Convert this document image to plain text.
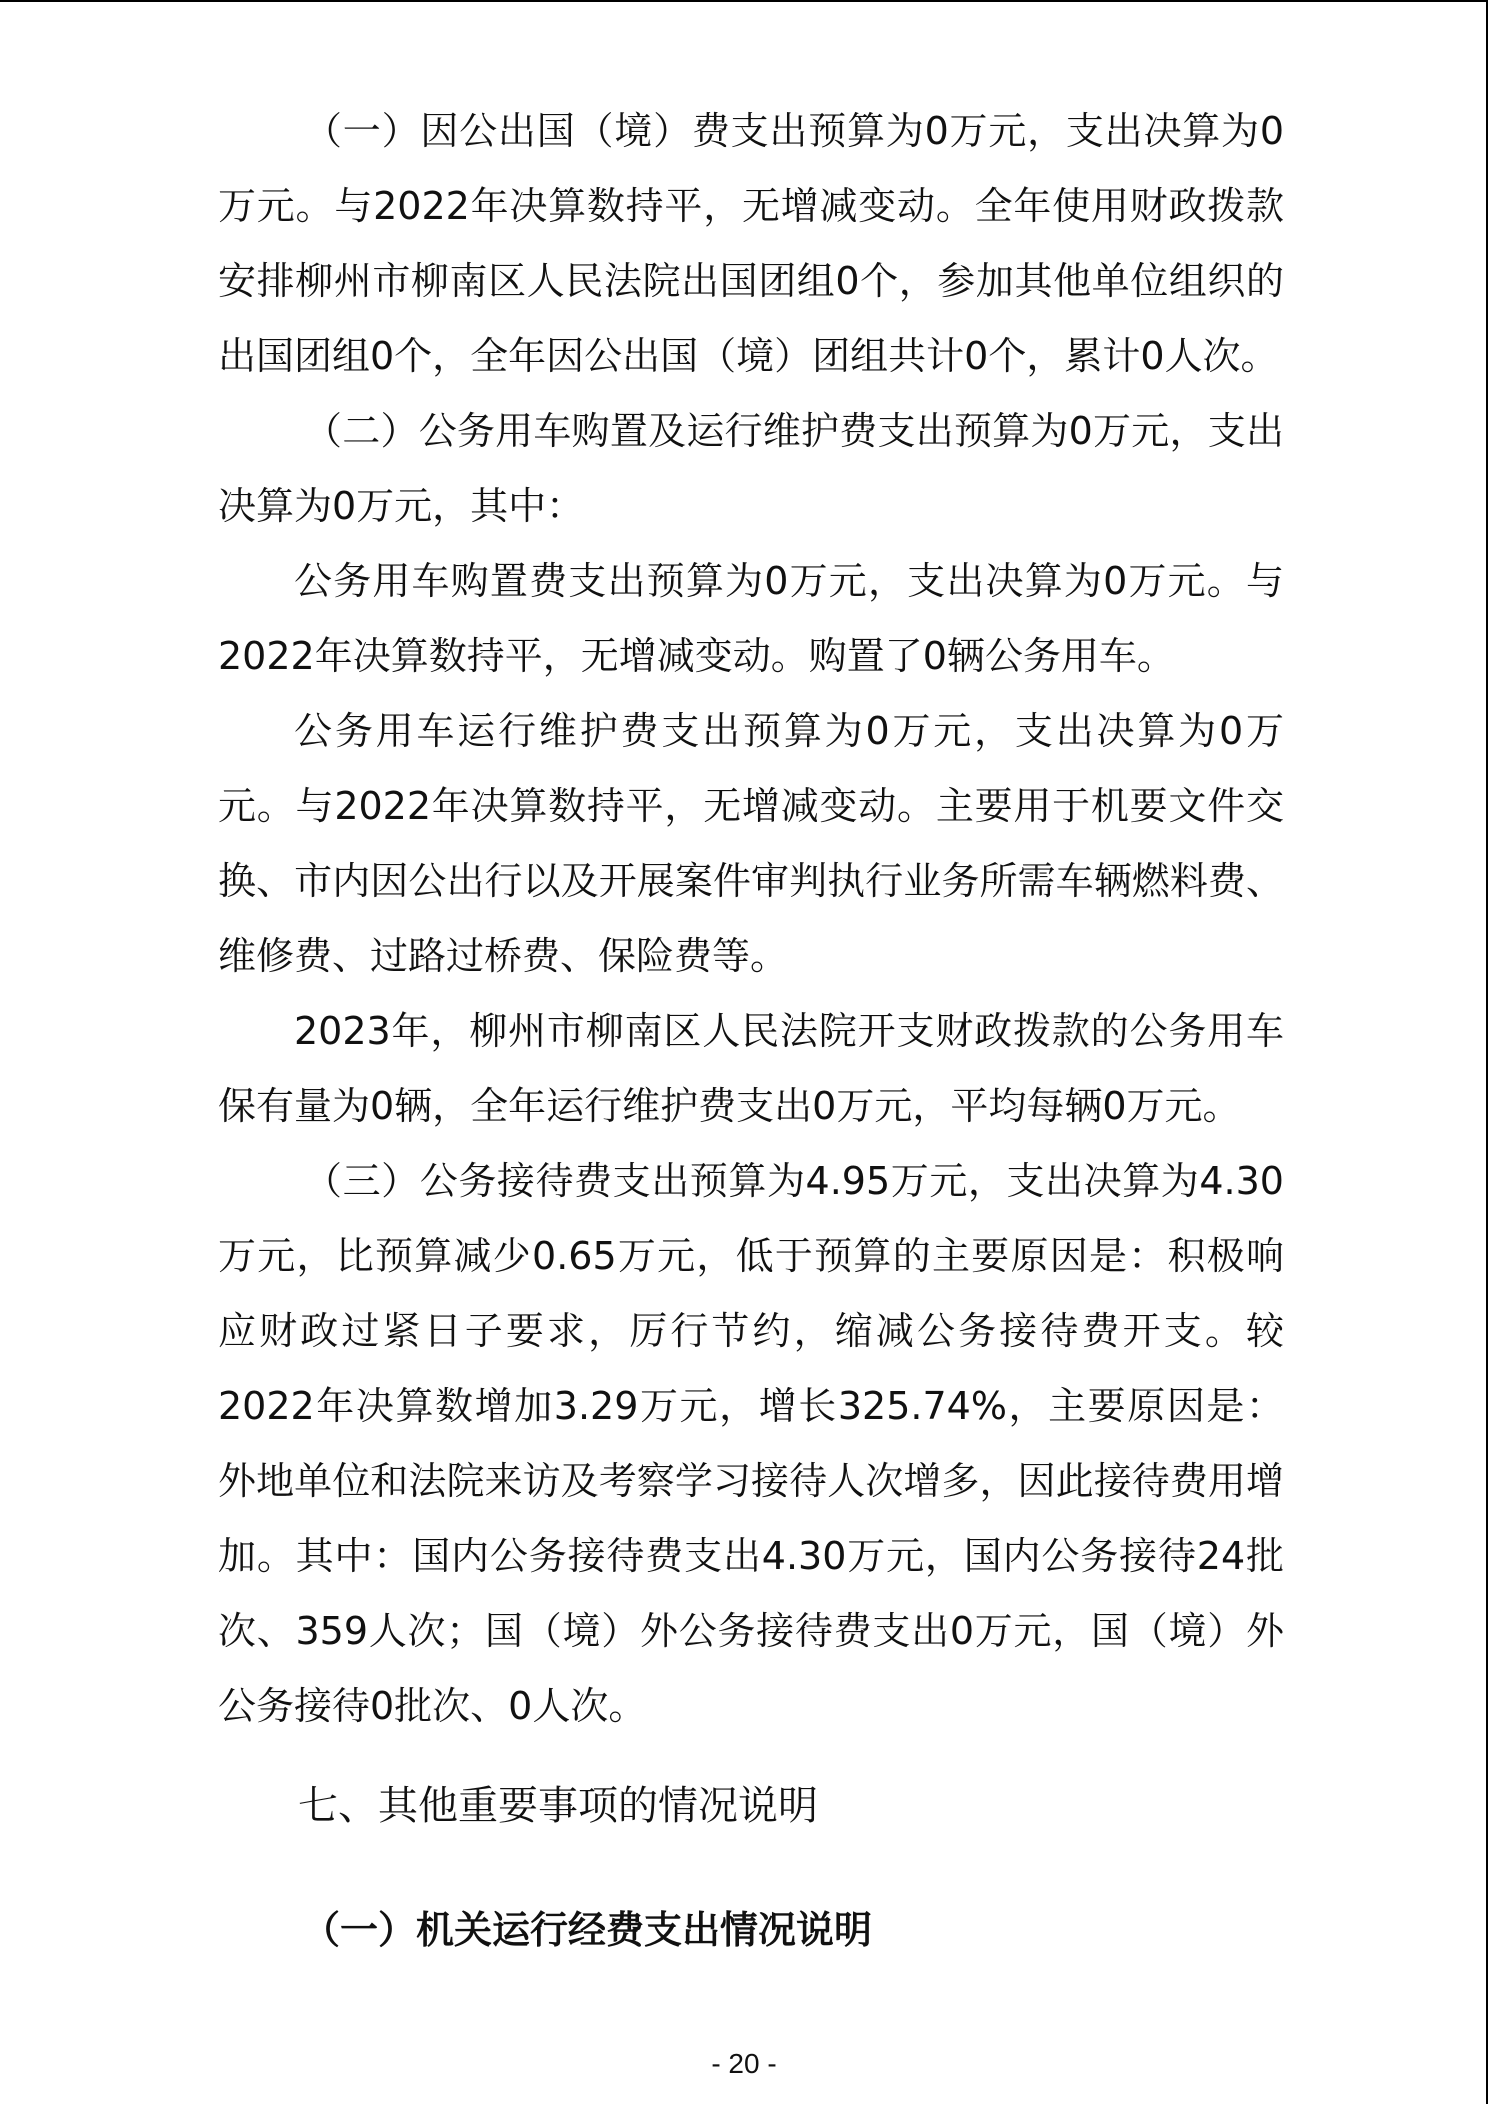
（一）因公出国（境）费支出预算为0万元，支出决算为0万元。与2022年决算数持平，无增减变动。全年使用财政拨款安排柳州市柳南区人民法院出国团组0个，参加其他单位组织的出国团组0个，全年因公出国（境）团组共计0个，累计0人次。

（二）公务用车购置及运行维护费支出预算为0万元，支出决算为0万元，其中：

公务用车购置费支出预算为0万元，支出决算为0万元。与2022年决算数持平，无增减变动。购置了0辆公务用车。

公务用车运行维护费支出预算为0万元，支出决算为0万元。与2022年决算数持平，无增减变动。主要用于机要文件交换、市内因公出行以及开展案件审判执行业务所需车辆燃料费、维修费、过路过桥费、保险费等。

2023年，柳州市柳南区人民法院开支财政拨款的公务用车保有量为0辆，全年运行维护费支出0万元，平均每辆0万元。

（三）公务接待费支出预算为4.95万元，支出决算为4.30万元，比预算减少0.65万元，低于预算的主要原因是：积极响应财政过紧日子要求，厉行节约，缩减公务接待费开支。较2022年决算数增加3.29万元，增长325.74%，主要原因是：外地单位和法院来访及考察学习接待人次增多，因此接待费用增加。其中：国内公务接待费支出4.30万元，国内公务接待24批次、359人次；国（境）外公务接待费支出0万元，国（境）外公务接待0批次、0人次。

七、其他重要事项的情况说明
（一）机关运行经费支出情况说明
- 20 -
